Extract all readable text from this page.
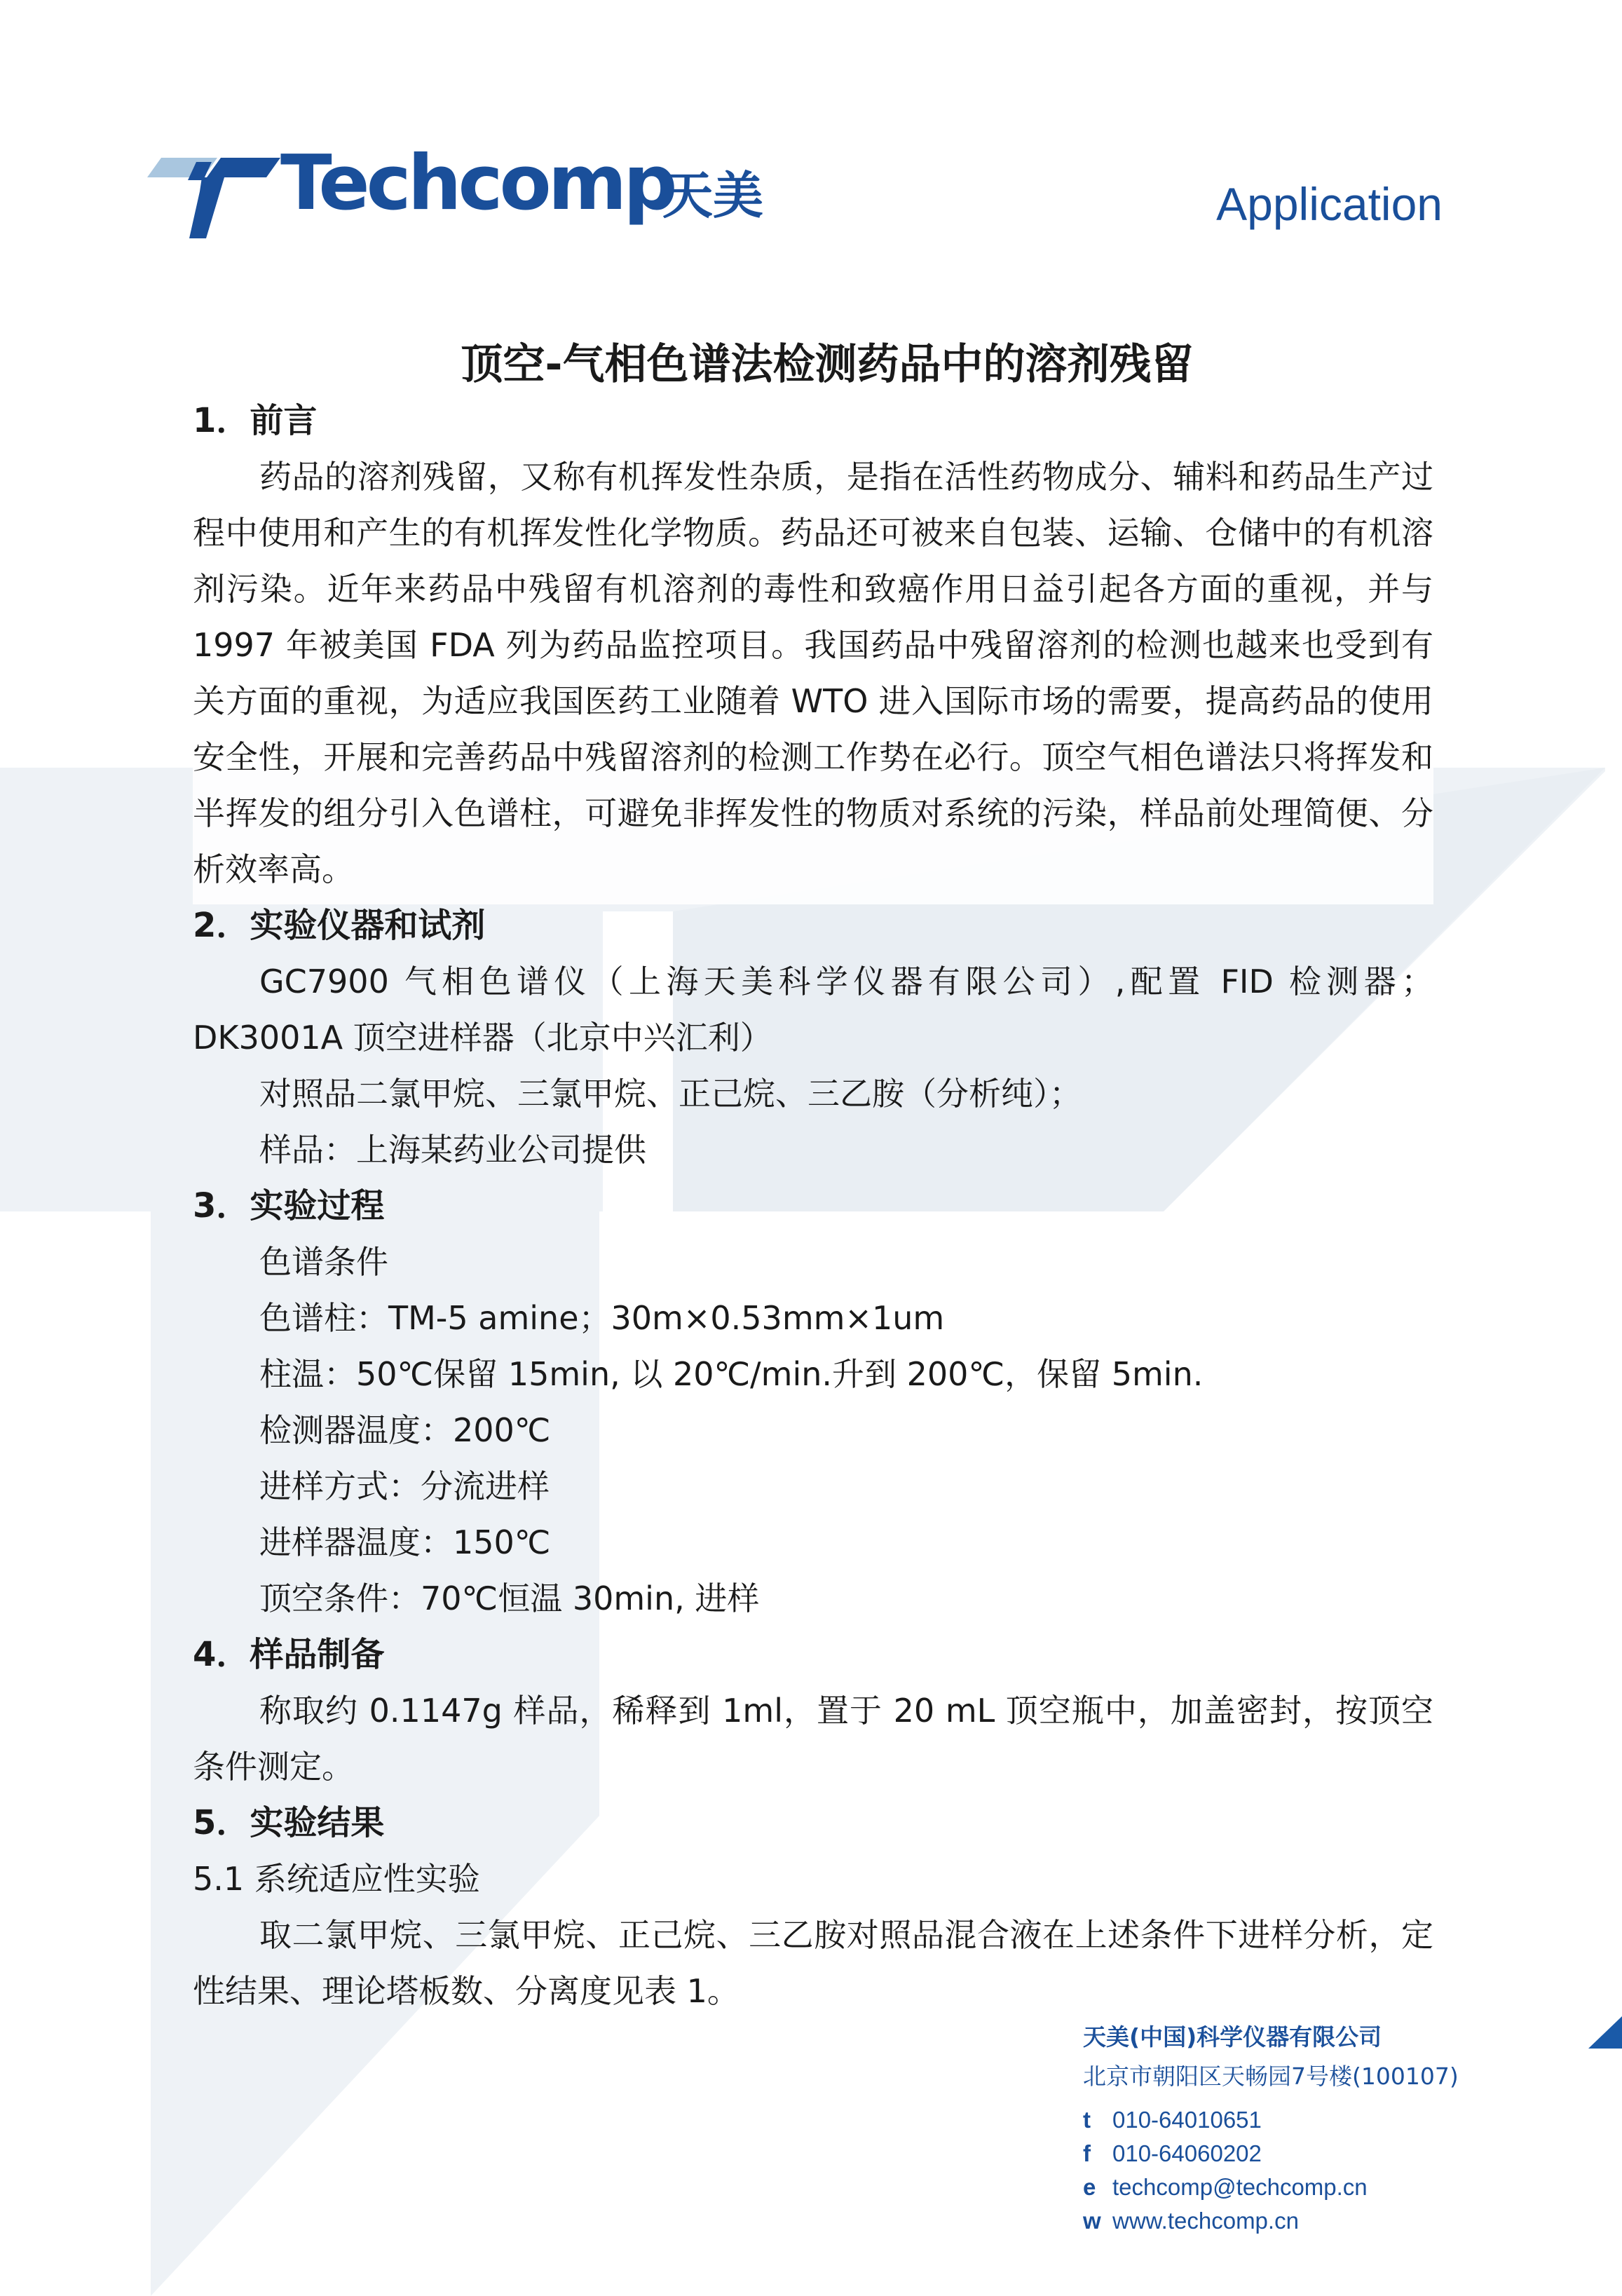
Techcomp
天美	Application
顶空-气相色谱法检测药品中的溶剂残留
1．前言
药品的溶剂残留，又称有机挥发性杂质，是指在活性药物成分、辅料和药品生产过程中使用和产生的有机挥发性化学物质。药品还可被来自包装、运输、仓储中的有机溶剂污染。近年来药品中残留有机溶剂的毒性和致癌作用日益引起各方面的重视，并与 1997 年被美国 FDA 列为药品监控项目。我国药品中残留溶剂的检测也越来也受到有关方面的重视，为适应我国医药工业随着 WTO 进入国际市场的需要，提高药品的使用安全性，开展和完善药品中残留溶剂的检测工作势在必行。顶空气相色谱法只将挥发和半挥发的组分引入色谱柱，可避免非挥发性的物质对系统的污染，样品前处理简便、分析效率高。
2．实验仪器和试剂
GC7900 气相色谱仪（上海天美科学仪器有限公司）,配置 FID 检测器；DK3001A 顶空进样器（北京中兴汇利）
对照品二氯甲烷、三氯甲烷、正己烷、三乙胺（分析纯）；
样品：上海某药业公司提供
3．实验过程
色谱条件
色谱柱：TM-5 amine；30m×0.53mm×1um
柱温：50℃保留 15min, 以 20℃/min.升到 200℃，保留 5min.
检测器温度：200℃
进样方式：分流进样
进样器温度：150℃
顶空条件：70℃恒温 30min, 进样
4．样品制备
称取约 0.1147g 样品，稀释到 1ml，置于 20 mL 顶空瓶中，加盖密封，按顶空条件测定。
5．实验结果
5.1 系统适应性实验
取二氯甲烷、三氯甲烷、正己烷、三乙胺对照品混合液在上述条件下进样分析，定性结果、理论塔板数、分离度见表 1。
天美(中国)科学仪器有限公司
北京市朝阳区天畅园7号楼(100107)
t 010-64010651
f 010-64060202
e techcomp@techcomp.cn
w www.techcomp.cn
